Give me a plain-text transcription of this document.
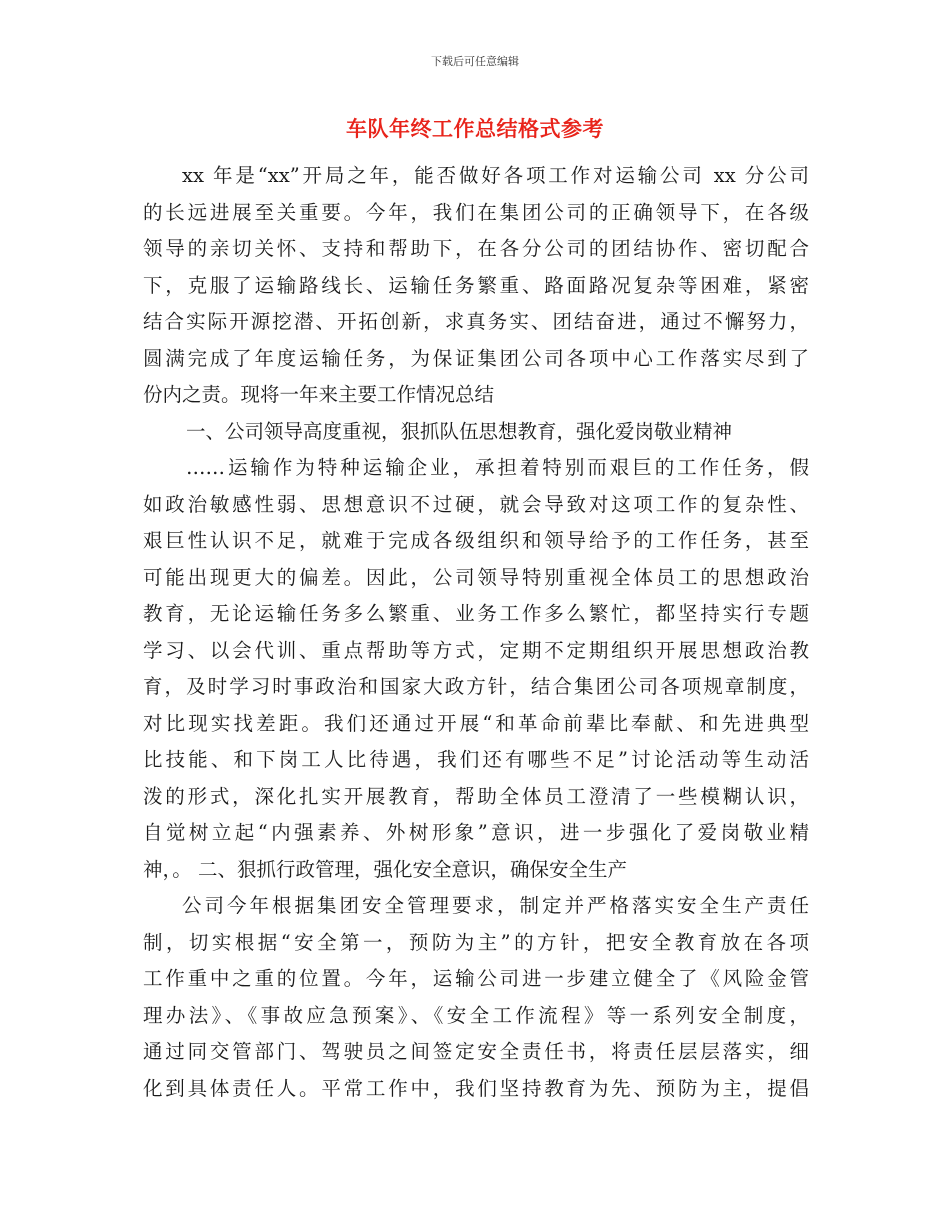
下载后可任意编辑
车队年终工作总结格式参考
xx 年是“xx”开局之年，能否做好各项工作对运输公司 xx 分公司
的长远进展至关重要。今年，我们在集团公司的正确领导下，在各级
领导的亲切关怀、支持和帮助下，在各分公司的团结协作、密切配合
下，克服了运输路线长、运输任务繁重、路面路况复杂等困难，紧密
结合实际开源挖潜、开拓创新，求真务实、团结奋进，通过不懈努力，
圆满完成了年度运输任务，为保证集团公司各项中心工作落实尽到了
份内之责。现将一年来主要工作情况总结
一、公司领导高度重视，狠抓队伍思想教育，强化爱岗敬业精神
……运输作为特种运输企业，承担着特别而艰巨的工作任务，假
如政治敏感性弱、思想意识不过硬，就会导致对这项工作的复杂性、
艰巨性认识不足，就难于完成各级组织和领导给予的工作任务，甚至
可能出现更大的偏差。因此，公司领导特别重视全体员工的思想政治
教育，无论运输任务多么繁重、业务工作多么繁忙，都坚持实行专题
学习、以会代训、重点帮助等方式，定期不定期组织开展思想政治教
育，及时学习时事政治和国家大政方针，结合集团公司各项规章制度，
对比现实找差距。我们还通过开展“和革命前辈比奉献、和先进典型
比技能、和下岗工人比待遇，我们还有哪些不足”讨论活动等生动活
泼的形式，深化扎实开展教育，帮助全体员工澄清了一些模糊认识，
自觉树立起“内强素养、外树形象”意识，进一步强化了爱岗敬业精
神，。 二、狠抓行政管理，强化安全意识，确保安全生产
公司今年根据集团安全管理要求，制定并严格落实安全生产责任
制，切实根据“安全第一，预防为主”的方针，把安全教育放在各项
工作重中之重的位置。今年，运输公司进一步建立健全了《风险金管
理办法》、《事故应急预案》、《安全工作流程》等一系列安全制度，
通过同交管部门、驾驶员之间签定安全责任书，将责任层层落实，细
化到具体责任人。平常工作中，我们坚持教育为先、预防为主，提倡
